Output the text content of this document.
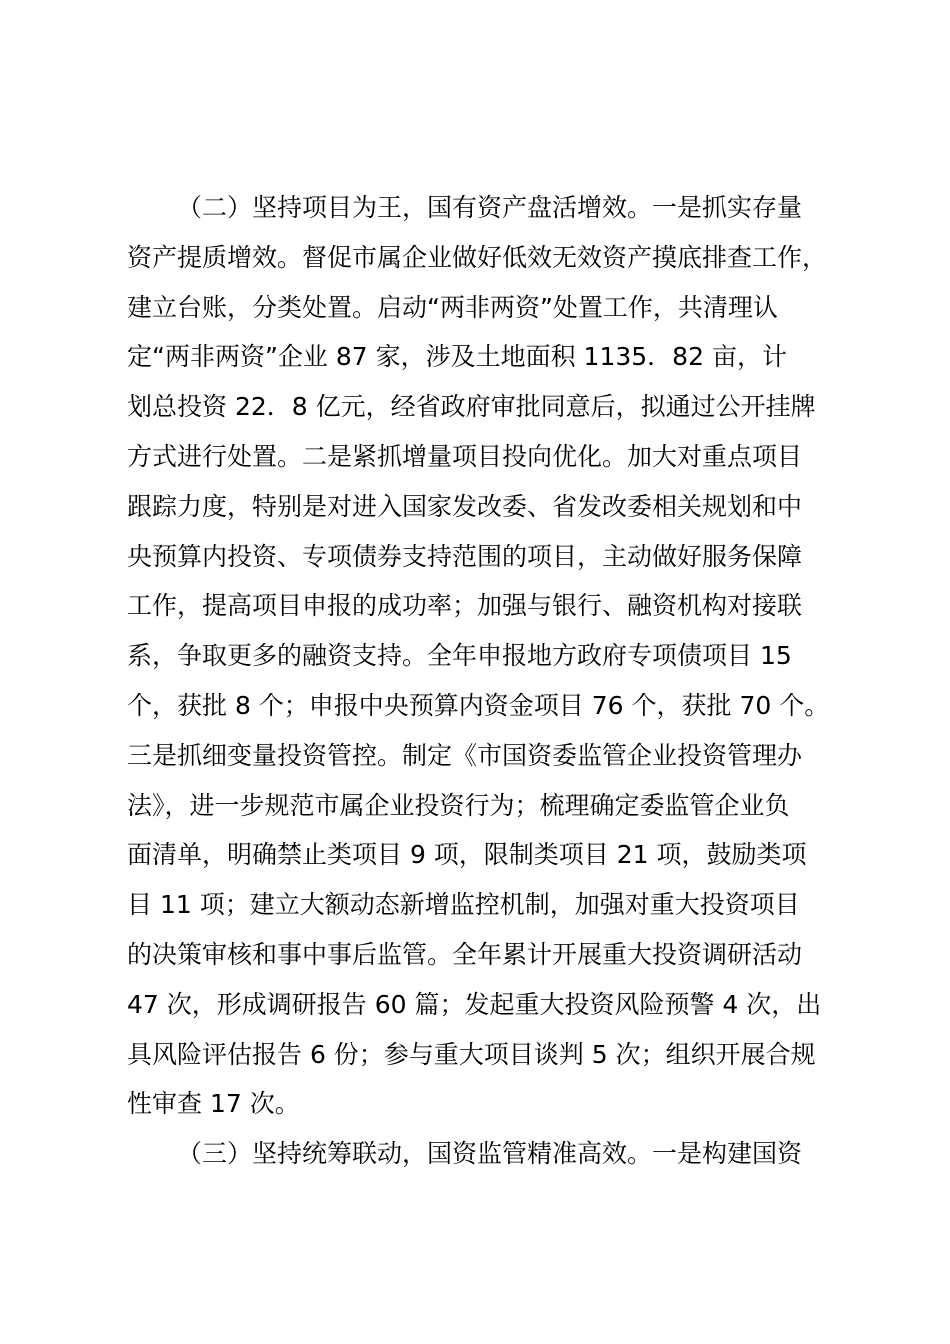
（二）坚持项目为王，国有资产盘活增效。一是抓实存量
资产提质增效。督促市属企业做好低效无效资产摸底排查工作，
建立台账，分类处置。启动“两非两资”处置工作，共清理认
定“两非两资”企业 87 家，涉及土地面积 1135．82 亩，计
划总投资 22．8 亿元，经省政府审批同意后，拟通过公开挂牌
方式进行处置。二是紧抓增量项目投向优化。加大对重点项目
跟踪力度，特别是对进入国家发改委、省发改委相关规划和中
央预算内投资、专项债券支持范围的项目，主动做好服务保障
工作，提高项目申报的成功率；加强与银行、融资机构对接联
系，争取更多的融资支持。全年申报地方政府专项债项目 15
个，获批 8 个；申报中央预算内资金项目 76 个，获批 70 个。
三是抓细变量投资管控。制定《市国资委监管企业投资管理办
法》，进一步规范市属企业投资行为；梳理确定委监管企业负
面清单，明确禁止类项目 9 项，限制类项目 21 项，鼓励类项
目 11 项；建立大额动态新增监控机制，加强对重大投资项目
的决策审核和事中事后监管。全年累计开展重大投资调研活动
47 次，形成调研报告 60 篇；发起重大投资风险预警 4 次，出
具风险评估报告 6 份；参与重大项目谈判 5 次；组织开展合规
性审查 17 次。
（三）坚持统筹联动，国资监管精准高效。一是构建国资
